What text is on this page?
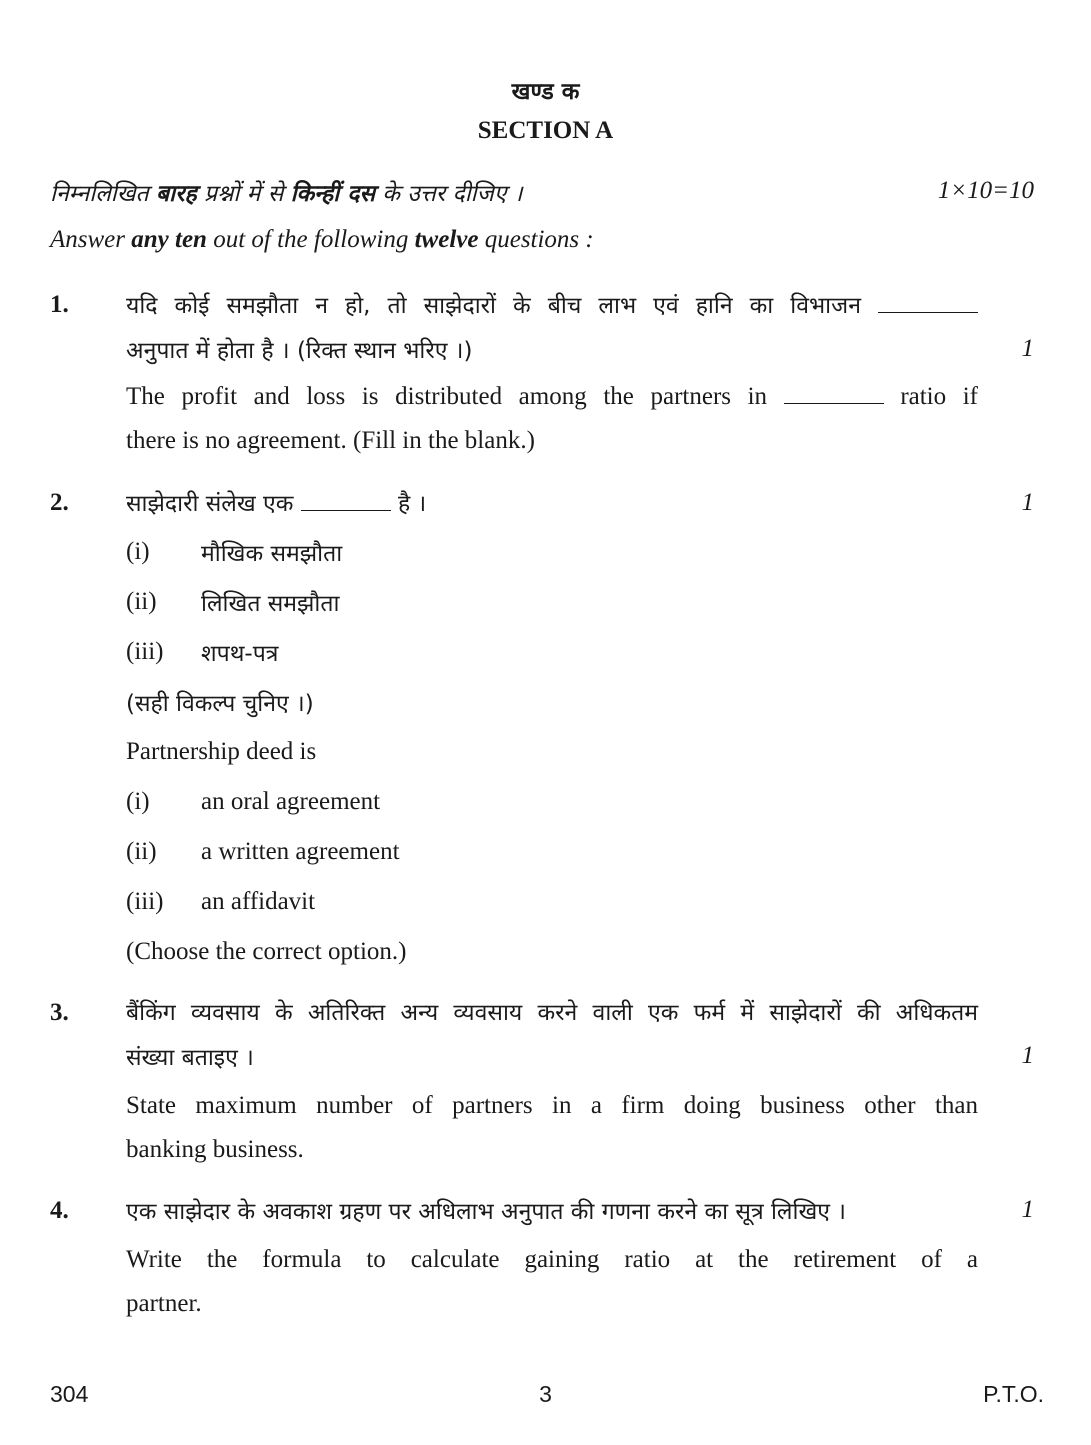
खण्ड क
SECTION A
निम्नलिखित बारह प्रश्नों में से किन्हीं दस के उत्तर दीजिए ।	1×10=10
Answer any ten out of the following twelve questions :
1. यदि कोई समझौता न हो, तो साझेदारों के बीच लाभ एवं हानि का विभाजन
अनुपात में होता है । (रिक्त स्थान भरिए ।)	1
The profit and loss is distributed among the partners in	ratio if
there is no agreement. (Fill in the blank.)
2. साझेदारी संलेख एक	है ।	1
(i) मौखिक समझौता
(ii) लिखित समझौता
(iii) शपथ-पत्र
(सही विकल्प चुनिए ।)
Partnership deed is
(i) an oral agreement
(ii) a written agreement
(iii) an affidavit
(Choose the correct option.)
3. बैंकिंग व्यवसाय के अतिरिक्त अन्य व्यवसाय करने वाली एक फर्म में साझेदारों की अधिकतम
संख्या बताइए ।	1
State maximum number of partners in a firm doing business other than
banking business.
4. एक साझेदार के अवकाश ग्रहण पर अधिलाभ अनुपात की गणना करने का सूत्र लिखिए ।	1
Write the formula to calculate gaining ratio at the retirement of a
partner.
304	3	P.T.O.
